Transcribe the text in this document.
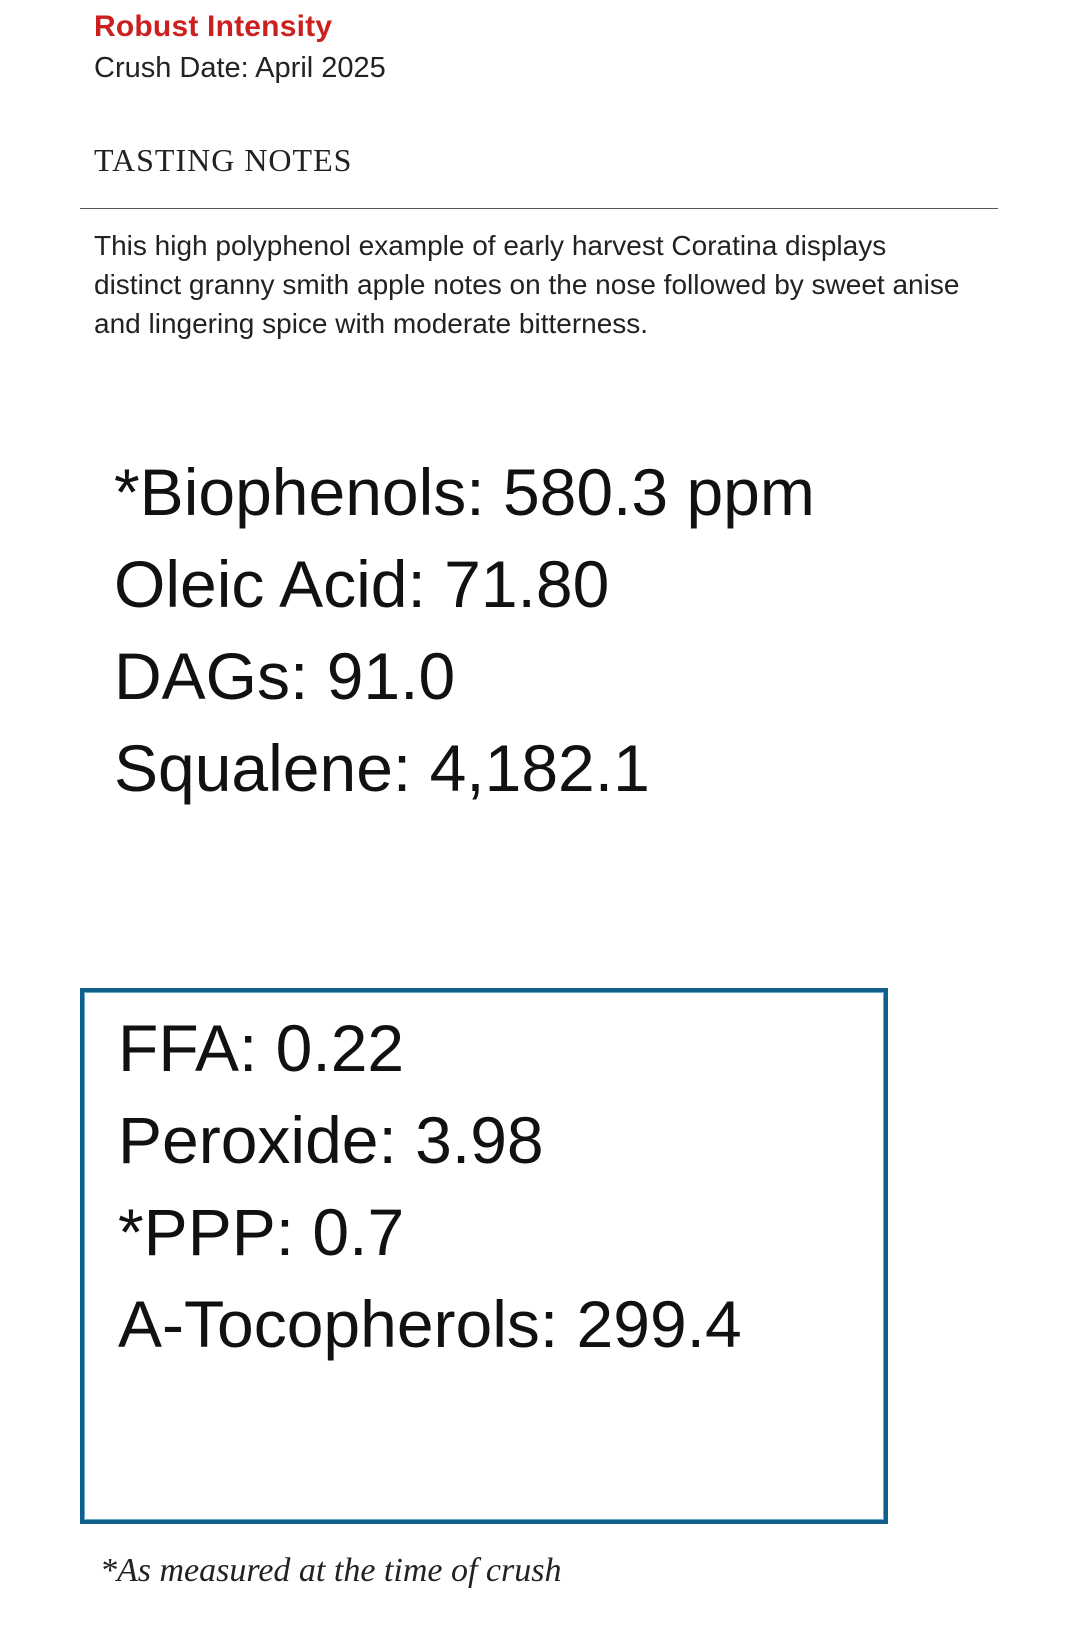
Robust Intensity
Crush Date: April 2025
TASTING NOTES
This high polyphenol example of early harvest Coratina displays distinct granny smith apple notes on the nose followed by sweet anise and lingering spice with moderate bitterness.
*Biophenols: 580.3 ppm
Oleic Acid: 71.80
DAGs: 91.0
Squalene: 4,182.1
FFA: 0.22
Peroxide: 3.98
*PPP: 0.7
A-Tocopherols: 299.4
*As measured at the time of crush
